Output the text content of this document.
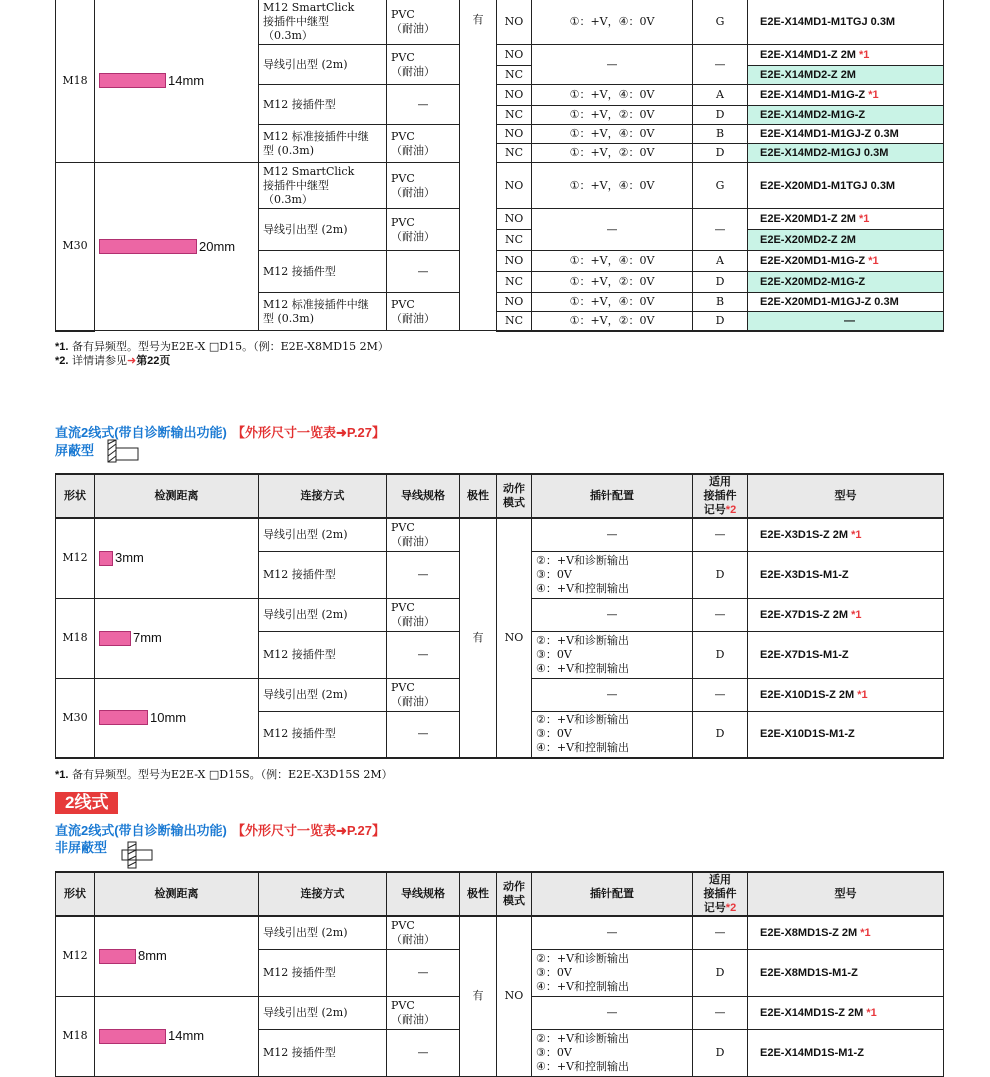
M18	14mm	M12 SmartClick
接插件中继型
（0.3m）	PVC
（耐油）	有	NO	①：+V，④：0V	G	E2E-X14MD1-M1TGJ 0.3M
		导线引出型 (2m)	PVC
（耐油）		NO	—	—	E2E-X14MD1-Z 2M *1
					NC			E2E-X14MD2-Z 2M
		M12 接插件型	—		NO	①：+V，④：0V	A	E2E-X14MD1-M1G-Z *1
					NC	①：+V，②：0V	D	E2E-X14MD2-M1G-Z
		M12 标准接插件中继
型 (0.3m)	PVC
（耐油）		NO	①：+V，④：0V	B	E2E-X14MD1-M1GJ-Z 0.3M
					NC	①：+V，②：0V	D	E2E-X14MD2-M1GJ 0.3M
M30	20mm	M12 SmartClick
接插件中继型
（0.3m）	PVC
（耐油）		NO	①：+V，④：0V	G	E2E-X20MD1-M1TGJ 0.3M
		导线引出型 (2m)	PVC
（耐油）		NO	—	—	E2E-X20MD1-Z 2M *1
					NC			E2E-X20MD2-Z 2M
		M12 接插件型	—		NO	①：+V，④：0V	A	E2E-X20MD1-M1G-Z *1
					NC	①：+V，②：0V	D	E2E-X20MD2-M1G-Z
		M12 标准接插件中继
型 (0.3m)	PVC
（耐油）		NO	①：+V，④：0V	B	E2E-X20MD1-M1GJ-Z 0.3M
					NC	①：+V，②：0V	D	—
*1. 备有异频型。型号为E2E-X □D15。（例：E2E-X8MD15 2M）
*2. 详情请参见➜第22页
直流2线式(带自诊断输出功能) 【外形尺寸一览表➜P.27】
屏蔽型
形状	检测距离	连接方式	导线规格	极性	动作
模式	插针配置	适用
接插件
记号*2	型号
M12	3mm	导线引出型 (2m)	PVC
（耐油）	有	NO	—	—	E2E-X3D1S-Z 2M *1
		M12 接插件型	—			②：+V和诊断输出
③：0V
④：+V和控制输出	D	E2E-X3D1S-M1-Z
M18	7mm	导线引出型 (2m)	PVC
（耐油）			—	—	E2E-X7D1S-Z 2M *1
		M12 接插件型	—			②：+V和诊断输出
③：0V
④：+V和控制输出	D	E2E-X7D1S-M1-Z
M30	10mm	导线引出型 (2m)	PVC
（耐油）			—	—	E2E-X10D1S-Z 2M *1
		M12 接插件型	—			②：+V和诊断输出
③：0V
④：+V和控制输出	D	E2E-X10D1S-M1-Z
*1. 备有异频型。型号为E2E-X □D15S。（例：E2E-X3D15S 2M）
2线式
直流2线式(带自诊断输出功能) 【外形尺寸一览表➜P.27】
非屏蔽型
形状	检测距离	连接方式	导线规格	极性	动作
模式	插针配置	适用
接插件
记号*2	型号
M12	8mm	导线引出型 (2m)	PVC
（耐油）	有	NO	—	—	E2E-X8MD1S-Z 2M *1
		M12 接插件型	—			②：+V和诊断输出
③：0V
④：+V和控制输出	D	E2E-X8MD1S-M1-Z
M18	14mm	导线引出型 (2m)	PVC
（耐油）			—	—	E2E-X14MD1S-Z 2M *1
		M12 接插件型	—			②：+V和诊断输出
③：0V
④：+V和控制输出	D	E2E-X14MD1S-M1-Z
